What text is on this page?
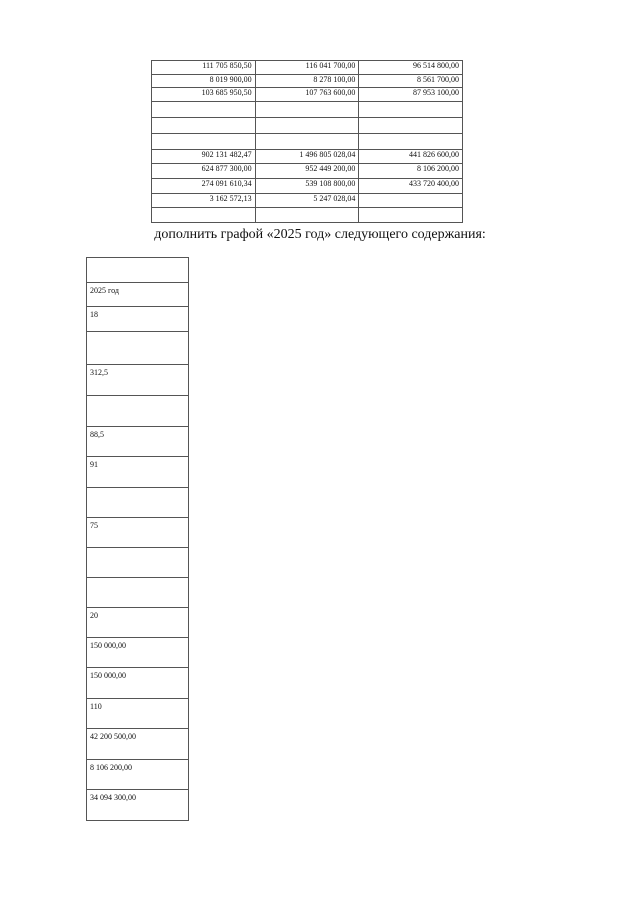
111 705 850,50	116 041 700,00	96 514 800,00
8 019 900,00	8 278 100,00	8 561 700,00
103 685 950,50	107 763 600,00	87 953 100,00

902 131 482,47	1 496 805 028,04	441 826 600,00
624 877 300,00	952 449 200,00	8 106 200,00
274 091 610,34	539 108 800,00	433 720 400,00
3 162 572,13	5 247 028,04	

дополнить графой «2025 год» следующего содержания:

2025 год
18

312,5

88,5
91

75

20
150 000,00
150 000,00
110
42 200 500,00
8 106 200,00
34 094 300,00
